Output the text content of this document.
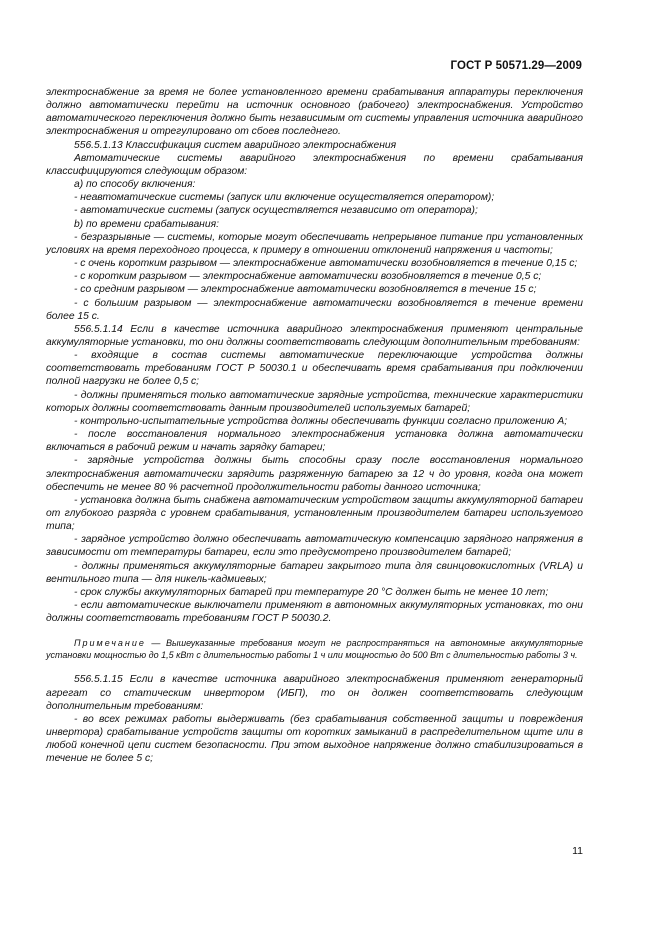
ГОСТ Р 50571.29—2009

электроснабжение за время не более установленного времени срабатывания аппаратуры переключения должно автоматически перейти на источник основного (рабочего) электроснабжения. Устройство автоматического переключения должно быть независимым от системы управления источника аварийного электроснабжения и отрегулировано от сбоев последнего.

556.5.1.13 Классификация систем аварийного электроснабжения

Автоматические системы аварийного электроснабжения по времени срабатывания классифицируются следующим образом:

а) по способу включения:

- неавтоматические системы (запуск или включение осуществляется оператором);

- автоматические системы (запуск осуществляется независимо от оператора);

b) по времени срабатывания:

- безразрывные — системы, которые могут обеспечивать непрерывное питание при установленных условиях на время переходного процесса, к примеру в отношении отклонений напряжения и частоты;

- с очень коротким разрывом — электроснабжение автоматически возобновляется в течение 0,15 с;

- с коротким разрывом — электроснабжение автоматически возобновляется в течение 0,5 с;

- со средним разрывом — электроснабжение автоматически возобновляется в течение 15 с;

- с большим разрывом — электроснабжение автоматически возобновляется в течение времени более 15 с.

556.5.1.14 Если в качестве источника аварийного электроснабжения применяют центральные аккумуляторные установки, то они должны соответствовать следующим дополнительным требованиям:

- входящие в состав системы автоматические переключающие устройства должны соответствовать требованиям ГОСТ Р 50030.1 и обеспечивать время срабатывания при подключении полной нагрузки не более 0,5 с;

- должны применяться только автоматические зарядные устройства, технические характеристики которых должны соответствовать данным производителей используемых батарей;

- контрольно-испытательные устройства должны обеспечивать функции согласно приложению А;

- после восстановления нормального электроснабжения установка должна автоматически включаться в рабочий режим и начать зарядку батареи;

- зарядные устройства должны быть способны сразу после восстановления нормального электроснабжения автоматически зарядить разряженную батарею за 12 ч до уровня, когда она может обеспечить не менее 80 % расчетной продолжительности работы данного источника;

- установка должна быть снабжена автоматическим устройством защиты аккумуляторной батареи от глубокого разряда с уровнем срабатывания, установленным производителем батареи используемого типа;

- зарядное устройство должно обеспечивать автоматическую компенсацию зарядного напряжения в зависимости от температуры батареи, если это предусмотрено производителем батарей;

- должны применяться аккумуляторные батареи закрытого типа для свинцовокислотных (VRLA) и вентильного типа — для никель-кадмиевых;

- срок службы аккумуляторных батарей при температуре 20 °С должен быть не менее 10 лет;

- если автоматические выключатели применяют в автономных аккумуляторных установках, то они должны соответствовать требованиям ГОСТ Р 50030.2.

Примечание — Вышеуказанные требования могут не распространяться на автономные аккумуляторные установки мощностью до 1,5 кВт с длительностью работы 1 ч или мощностью до 500 Вт с длительностью работы 3 ч.

556.5.1.15 Если в качестве источника аварийного электроснабжения применяют генераторный агрегат со статическим инвертором (ИБП), то он должен соответствовать следующим дополнительным требованиям:

- во всех режимах работы выдерживать (без срабатывания собственной защиты и повреждения инвертора) срабатывание устройств защиты от коротких замыканий в распределительном щите или в любой конечной цепи систем безопасности. При этом выходное напряжение должно стабилизироваться в течение не более 5 с;

11
